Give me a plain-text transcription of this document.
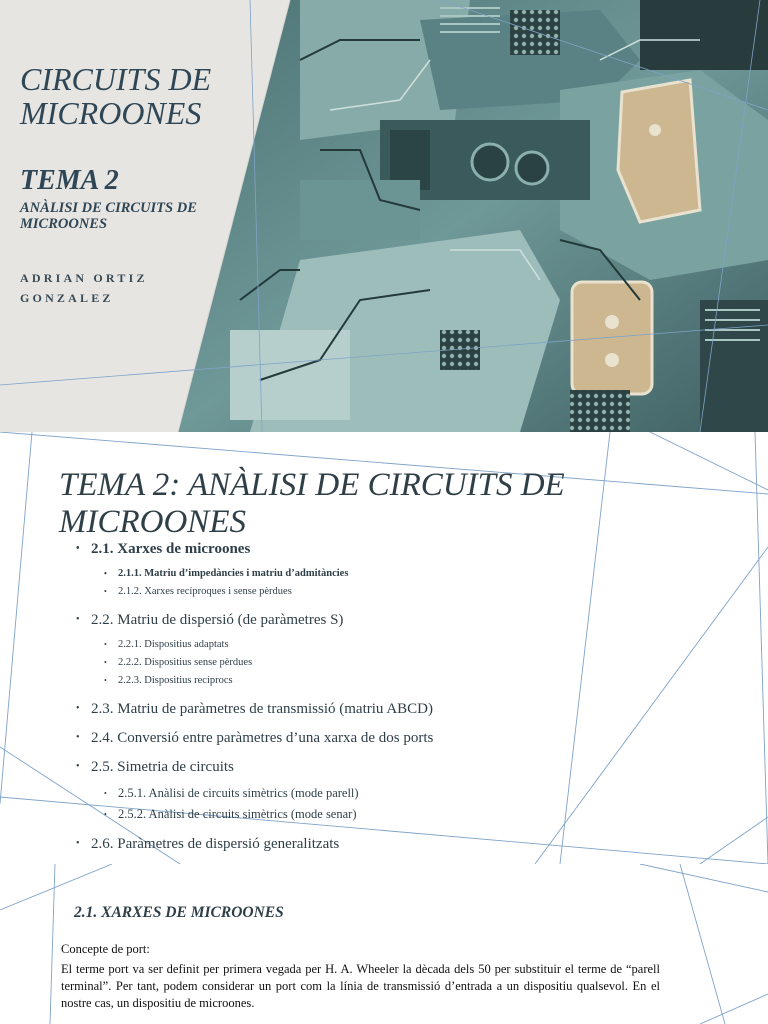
CIRCUITS DE MICROONES
TEMA 2

ANÀLISI DE CIRCUITS DE MICROONES

ADRIAN ORTIZ GONZALEZ

TEMA 2: ANÀLISI DE CIRCUITS DE MICROONES
• 2.1. Xarxes de microones
• 2.1.1. Matriu d’impedàncies i matriu d’admitàncies
• 2.1.2. Xarxes recíproques i sense pèrdues
• 2.2. Matriu de dispersió (de paràmetres S)
• 2.2.1. Dispositius adaptats
• 2.2.2. Dispositius sense pèrdues
• 2.2.3. Dispositius recíprocs
• 2.3. Matriu de paràmetres de transmissió (matriu ABCD)
• 2.4. Conversió entre paràmetres d’una xarxa de dos ports
• 2.5. Simetria de circuits
• 2.5.1. Anàlisi de circuits simètrics (mode parell)
• 2.5.2. Anàlisi de circuits simètrics (mode senar)
• 2.6. Paràmetres de dispersió generalitzats
2.1. XARXES DE MICROONES

Concepte de port:

El terme port va ser definit per primera vegada per H. A. Wheeler la dècada dels 50 per substituir el terme de “parell terminal”. Per tant, podem considerar un port com la línia de transmissió d’entrada a un dispositiu qualsevol. En el nostre cas, un dispositiu de microones.
